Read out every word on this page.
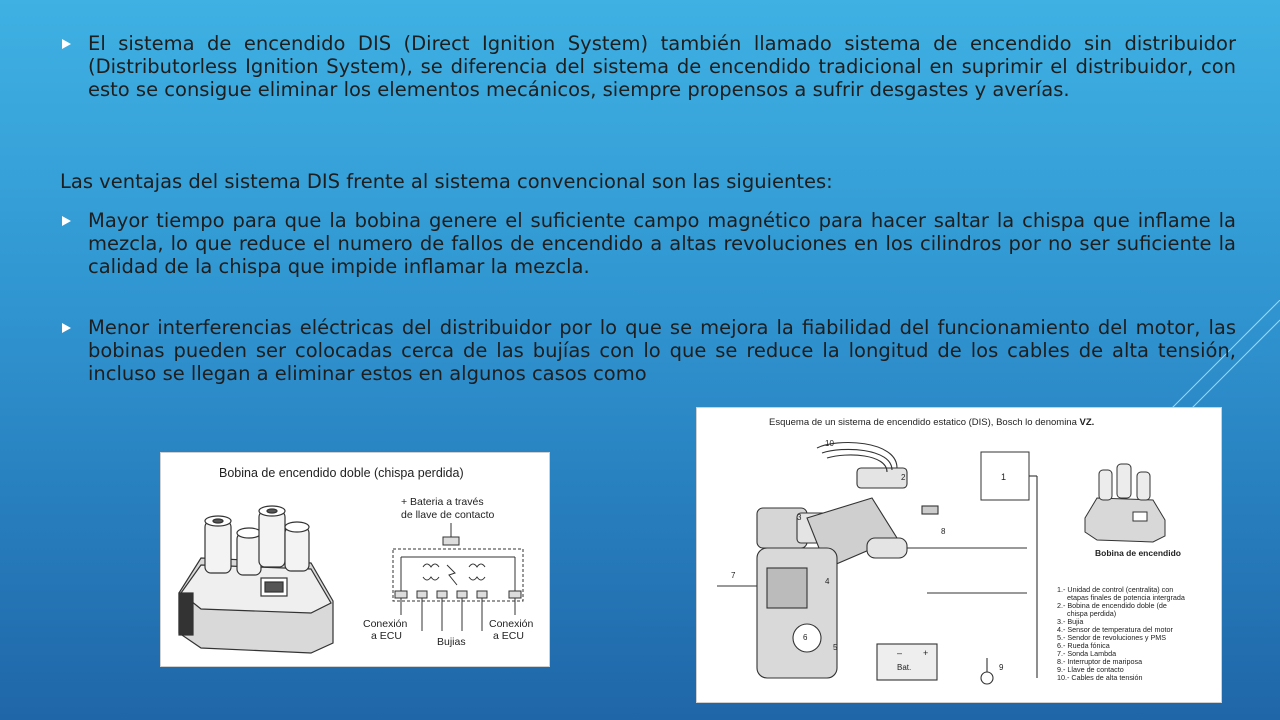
El sistema de encendido DIS (Direct Ignition System) también llamado sistema de encendido sin distribuidor (Distributorless Ignition System), se diferencia del sistema de encendido tradicional en suprimir el distribuidor, con esto se consigue eliminar los elementos mecánicos, siempre propensos a sufrir desgastes y averías.
Las ventajas del sistema DIS frente al sistema convencional son las siguientes:
Mayor tiempo para que la bobina genere el suficiente campo magnético para hacer saltar la chispa que inflame la mezcla, lo que reduce el numero de fallos de encendido a altas revoluciones en los cilindros por no ser suficiente la calidad de la chispa que impide inflamar la mezcla.
Menor interferencias eléctricas del distribuidor por lo que se mejora la fiabilidad del funcionamiento del motor, las bobinas pueden ser colocadas cerca de las bujías con lo que se reduce la longitud de los cables de alta tensión, incluso se llegan a eliminar estos en algunos casos como
Bobina de encendido doble (chispa perdida)
+ Bateria a través
de llave de contacto
Conexión
a ECU	Bujias
Conexión
a ECU
Esquema de un sistema de encendido estatico (DIS), Bosch lo denomina VZ.
1
– +
Bat.
10
2
3
8
7
4
6
5
9
Bobina de encendido
1.- Unidad de control (centralita) con
etapas finales de potencia intergrada
2.- Bobina de encendido doble (de
chispa perdida)
3.- Bujia
4.- Sensor de temperatura del motor
5.- Sendor de revoluciones y PMS
6.- Rueda fónica
7.- Sonda Lambda
8.- Interruptor de mariposa
9.- Llave de contacto
10.- Cables de alta tensión
